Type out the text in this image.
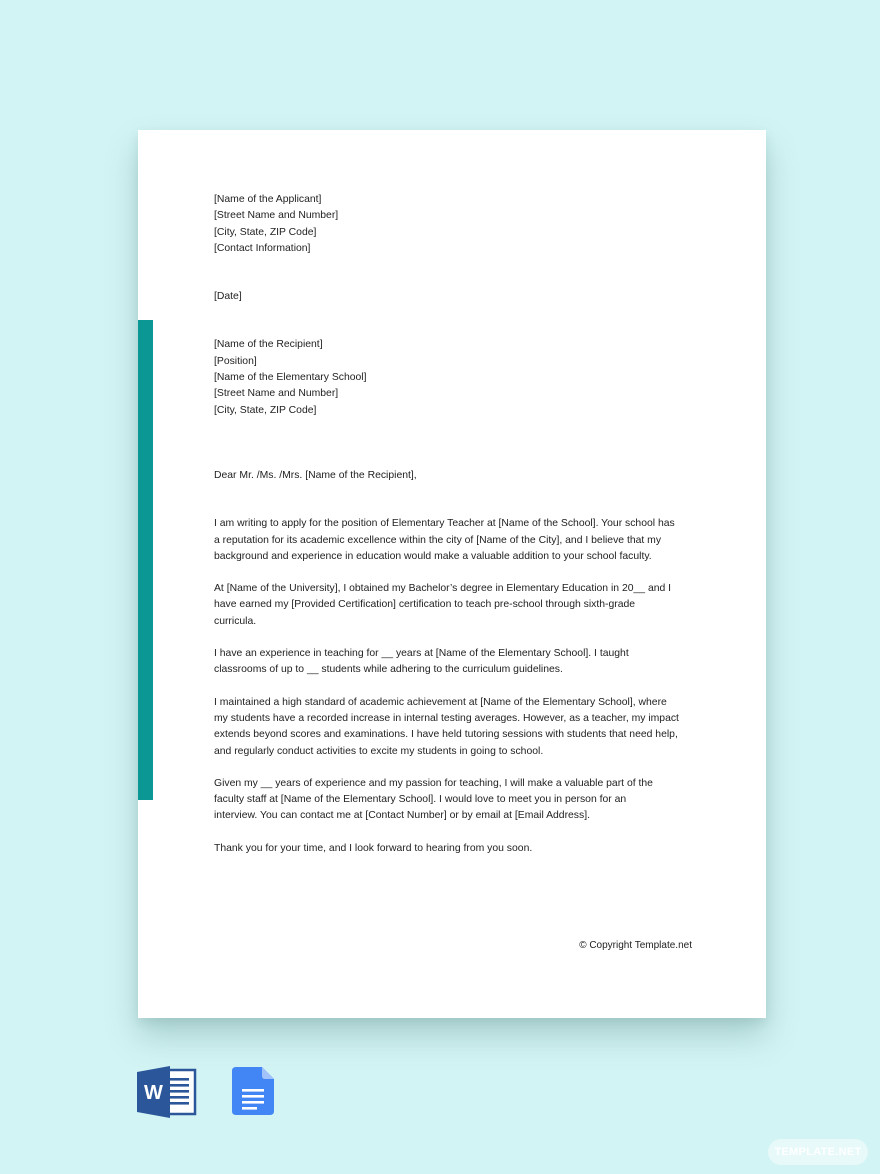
[Name of the Applicant]
[Street Name and Number]
[City, State, ZIP Code]
[Contact Information]
[Date]
[Name of the Recipient]
[Position]
[Name of the Elementary School]
[Street Name and Number]
[City, State, ZIP Code]
Dear Mr. /Ms. /Mrs. [Name of the Recipient],
I am writing to apply for the position of Elementary Teacher at [Name of the School]. Your school has
a reputation for its academic excellence within the city of [Name of the City], and I believe that my
background and experience in education would make a valuable addition to your school faculty.
At [Name of the University], I obtained my Bachelor’s degree in Elementary Education in 20__ and I
have earned my [Provided Certification] certification to teach pre-school through sixth-grade
curricula.
I have an experience in teaching for __ years at [Name of the Elementary School]. I taught
classrooms of up to __ students while adhering to the curriculum guidelines.
I maintained a high standard of academic achievement at [Name of the Elementary School], where
my students have a recorded increase in internal testing averages. However, as a teacher, my impact
extends beyond scores and examinations. I have held tutoring sessions with students that need help,
and regularly conduct activities to excite my students in going to school.
Given my __ years of experience and my passion for teaching, I will make a valuable part of the
faculty staff at [Name of the Elementary School]. I would love to meet you in person for an
interview. You can contact me at [Contact Number] or by email at [Email Address].
Thank you for your time, and I look forward to hearing from you soon.
© Copyright Template.net
W
TEMPLATE.NET
